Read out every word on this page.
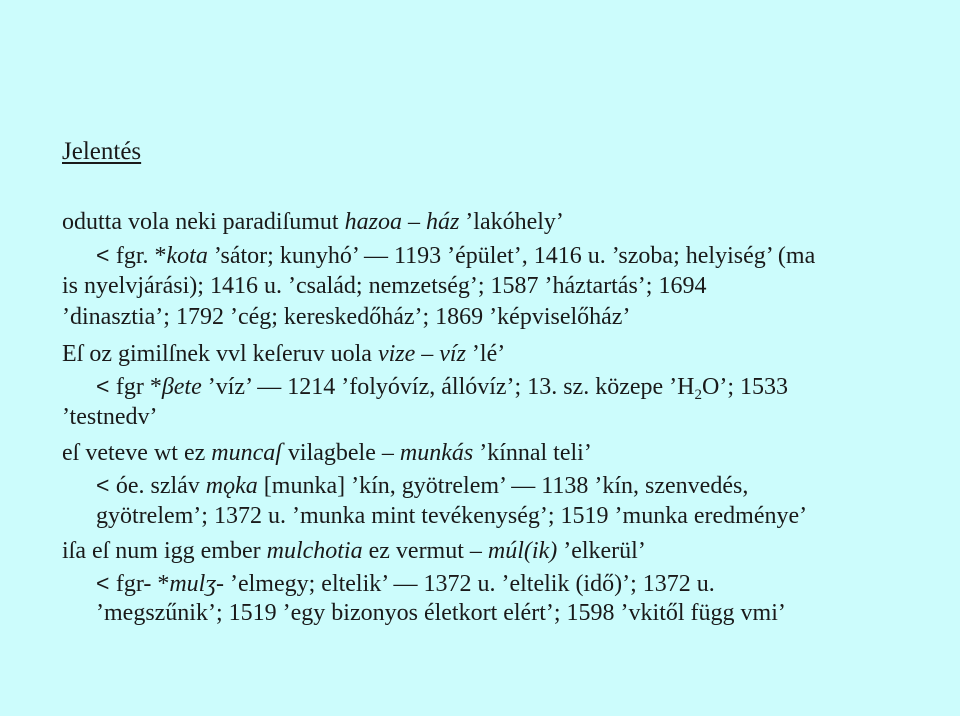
Jelentés
odutta vola neki paradiſumut hazoa – ház ’lakóhely’
< fgr. *kota ’sátor; kunyhó’ — 1193 ’épület’, 1416 u. ’szoba; helyiség’ (ma
is nyelvjárási); 1416 u. ’család; nemzetség’; 1587 ’háztartás’; 1694
’dinasztia’; 1792 ’cég; kereskedőház’; 1869 ’képviselőház’
Eſ oz gimilſnek vvl keſeruv uola vize – víz ’lé’
< fgr *βete ’víz’ — 1214 ’folyóvíz, állóvíz’; 13. sz. közepe $’H_2O$’; 1533
’testnedv’
eſ veteve wt ez muncaſ vilagbele – munkás ’kínnal teli’
< óe. szláv mǫka [munka] ’kín, gyötrelem’ — 1138 ’kín, szenvedés,
gyötrelem’; 1372 u. ’munka mint tevékenység’; 1519 ’munka eredménye’
iſa eſ num igg ember mulchotia ez vermut – múl(ik) ’elkerül’
< fgr- *mulʒ- ’elmegy; eltelik’ — 1372 u. ’eltelik (idő)’; 1372 u.
’megszűnik’; 1519 ’egy bizonyos életkort elért’; 1598 ’vkitől függ vmi’
